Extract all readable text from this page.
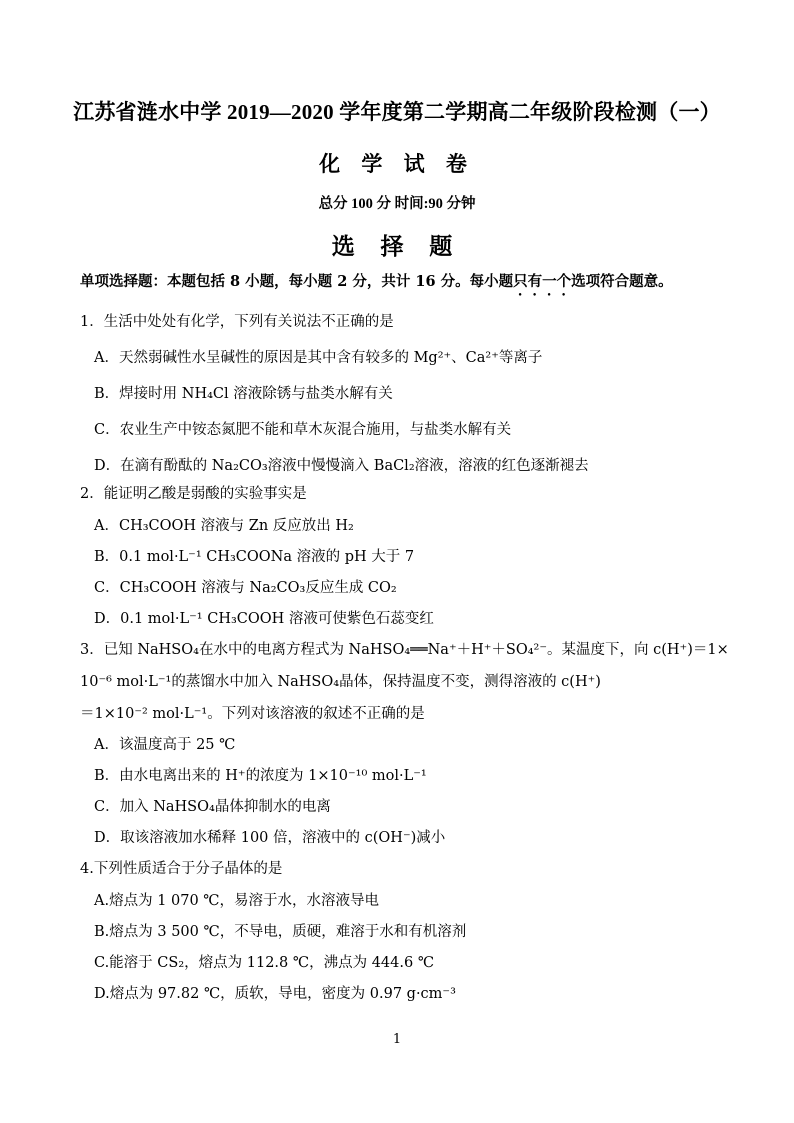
江苏省涟水中学 2019—2020 学年度第二学期高二年级阶段检测（一）
化 学 试 卷
总分 100 分 时间:90 分钟
选 择 题
单项选择题：本题包括 8 小题，每小题 2 分，共计 16 分。每小题只有一个选项符合题意。
1．生活中处处有化学，下列有关说法不正确的是
A．天然弱碱性水呈碱性的原因是其中含有较多的 Mg²⁺、Ca²⁺等离子
B．焊接时用 NH₄Cl 溶液除锈与盐类水解有关
C．农业生产中铵态氮肥不能和草木灰混合施用，与盐类水解有关
D．在滴有酚酞的 Na₂CO₃溶液中慢慢滴入 BaCl₂溶液，溶液的红色逐渐褪去
2．能证明乙酸是弱酸的实验事实是
A．CH₃COOH 溶液与 Zn 反应放出 H₂
B．0.1 mol·L⁻¹ CH₃COONa 溶液的 pH 大于 7
C．CH₃COOH 溶液与 Na₂CO₃反应生成 CO₂
D．0.1 mol·L⁻¹ CH₃COOH 溶液可使紫色石蕊变红
3．已知 NaHSO₄在水中的电离方程式为 NaHSO₄══Na⁺＋H⁺＋SO₄²⁻。某温度下，向 c(H⁺)＝1×
10⁻⁶ mol·L⁻¹的蒸馏水中加入 NaHSO₄晶体，保持温度不变，测得溶液的 c(H⁺)
＝1×10⁻² mol·L⁻¹。下列对该溶液的叙述不正确的是
A．该温度高于 25 ℃
B．由水电离出来的 H⁺的浓度为 1×10⁻¹⁰ mol·L⁻¹
C．加入 NaHSO₄晶体抑制水的电离
D．取该溶液加水稀释 100 倍，溶液中的 c(OH⁻)减小
4.下列性质适合于分子晶体的是
A.熔点为 1 070 ℃，易溶于水，水溶液导电
B.熔点为 3 500 ℃，不导电，质硬，难溶于水和有机溶剂
C.能溶于 CS₂，熔点为 112.8 ℃，沸点为 444.6 ℃
D.熔点为 97.82 ℃，质软，导电，密度为 0.97 g·cm⁻³
1
